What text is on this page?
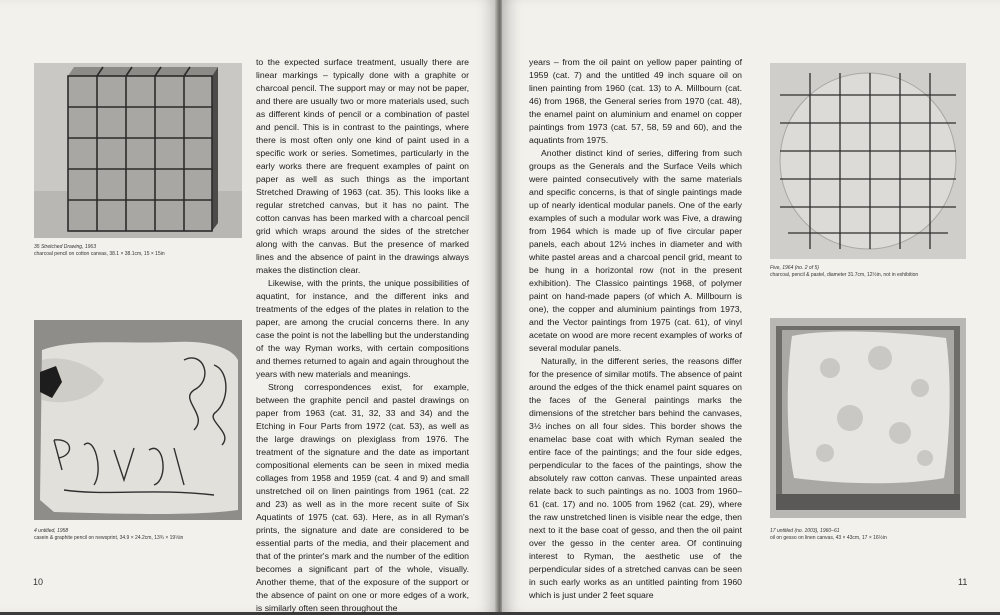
35 Stretched Drawing, 1963
charcoal pencil on cotton canvas, 38.1 × 38.1cm, 15 × 15in
4 untitled, 1958
casein & graphite pencil on newsprint, 34.9 × 24.2cm, 13¾ × 19½in

to the expected surface treatment, usually there are linear markings – typically done with a graphite or charcoal pencil. The support may or may not be paper, and there are usually two or more materials used, such as different kinds of pencil or a combination of pastel and pencil. This is in contrast to the paintings, where there is most often only one kind of paint used in a specific work or series. Sometimes, particularly in the early works there are frequent examples of paint on paper as well as such things as the important Stretched Drawing of 1963 (cat. 35). This looks like a regular stretched canvas, but it has no paint. The cotton canvas has been marked with a charcoal pencil grid which wraps around the sides of the stretcher along with the canvas. But the presence of marked lines and the absence of paint in the drawings always makes the distinction clear.

Likewise, with the prints, the unique possibilities of aquatint, for instance, and the different inks and treatments of the edges of the plates in relation to the paper, are among the crucial concerns there. In any case the point is not the labelling but the understanding of the way Ryman works, with certain compositions and themes returned to again and again throughout the years with new materials and meanings.

Strong correspondences exist, for example, between the graphite pencil and pastel drawings on paper from 1963 (cat. 31, 32, 33 and 34) and the Etching in Four Parts from 1972 (cat. 53), as well as the large drawings on plexiglass from 1976. The treatment of the signature and the date as important compositional elements can be seen in mixed media collages from 1958 and 1959 (cat. 4 and 9) and small unstretched oil on linen paintings from 1961 (cat. 22 and 23) as well as in the more recent suite of Six Aquatints of 1975 (cat. 63). Here, as in all Ryman's prints, the signature and date are considered to be essential parts of the media, and their placement and that of the printer's mark and the number of the edition becomes a significant part of the whole, visually. Another theme, that of the exposure of the support or the absence of paint on one or more edges of a work, is similarly often seen throughout the

10

years – from the oil paint on yellow paper painting of 1959 (cat. 7) and the untitled 49 inch square oil on linen painting from 1960 (cat. 13) to A. Millbourn (cat. 46) from 1968, the General series from 1970 (cat. 48), the enamel paint on aluminium and enamel on copper paintings from 1973 (cat. 57, 58, 59 and 60), and the aquatints from 1975.

Another distinct kind of series, differing from such groups as the Generals and the Surface Veils which were painted consecutively with the same materials and specific concerns, is that of single paintings made up of nearly identical modular panels. One of the early examples of such a modular work was Five, a drawing from 1964 which is made up of five circular paper panels, each about 12½ inches in diameter and with white pastel areas and a charcoal pencil grid, meant to be hung in a horizontal row (not in the present exhibition). The Classico paintings 1968, of polymer paint on hand-made papers (of which A. Millbourn is one), the copper and aluminium paintings from 1973, and the Vector paintings from 1975 (cat. 61), of vinyl acetate on wood are more recent examples of works of several modular panels.

Naturally, in the different series, the reasons differ for the presence of similar motifs. The absence of paint around the edges of the thick enamel paint squares on the faces of the General paintings marks the dimensions of the stretcher bars behind the canvases, 3½ inches on all four sides. This border shows the enamelac base coat with which Ryman sealed the entire face of the paintings; and the four side edges, perpendicular to the faces of the paintings, show the absolutely raw cotton canvas. These unpainted areas relate back to such paintings as no. 1003 from 1960–61 (cat. 17) and no. 1005 from 1962 (cat. 29), where the raw unstretched linen is visible near the edge, then next to it the base coat of gesso, and then the oil paint over the gesso in the center area. Of continuing interest to Ryman, the aesthetic use of the perpendicular sides of a stretched canvas can be seen in such early works as an untitled painting from 1960 which is just under 2 feet square

Five, 1964 (no. 2 of 5)
charcoal, pencil & pastel, diameter 31.7cm, 12½in, not in exhibition
17 untitled (no. 1003), 1960–61
oil on gesso on linen canvas, 43 × 43cm, 17 × 16½in
11
